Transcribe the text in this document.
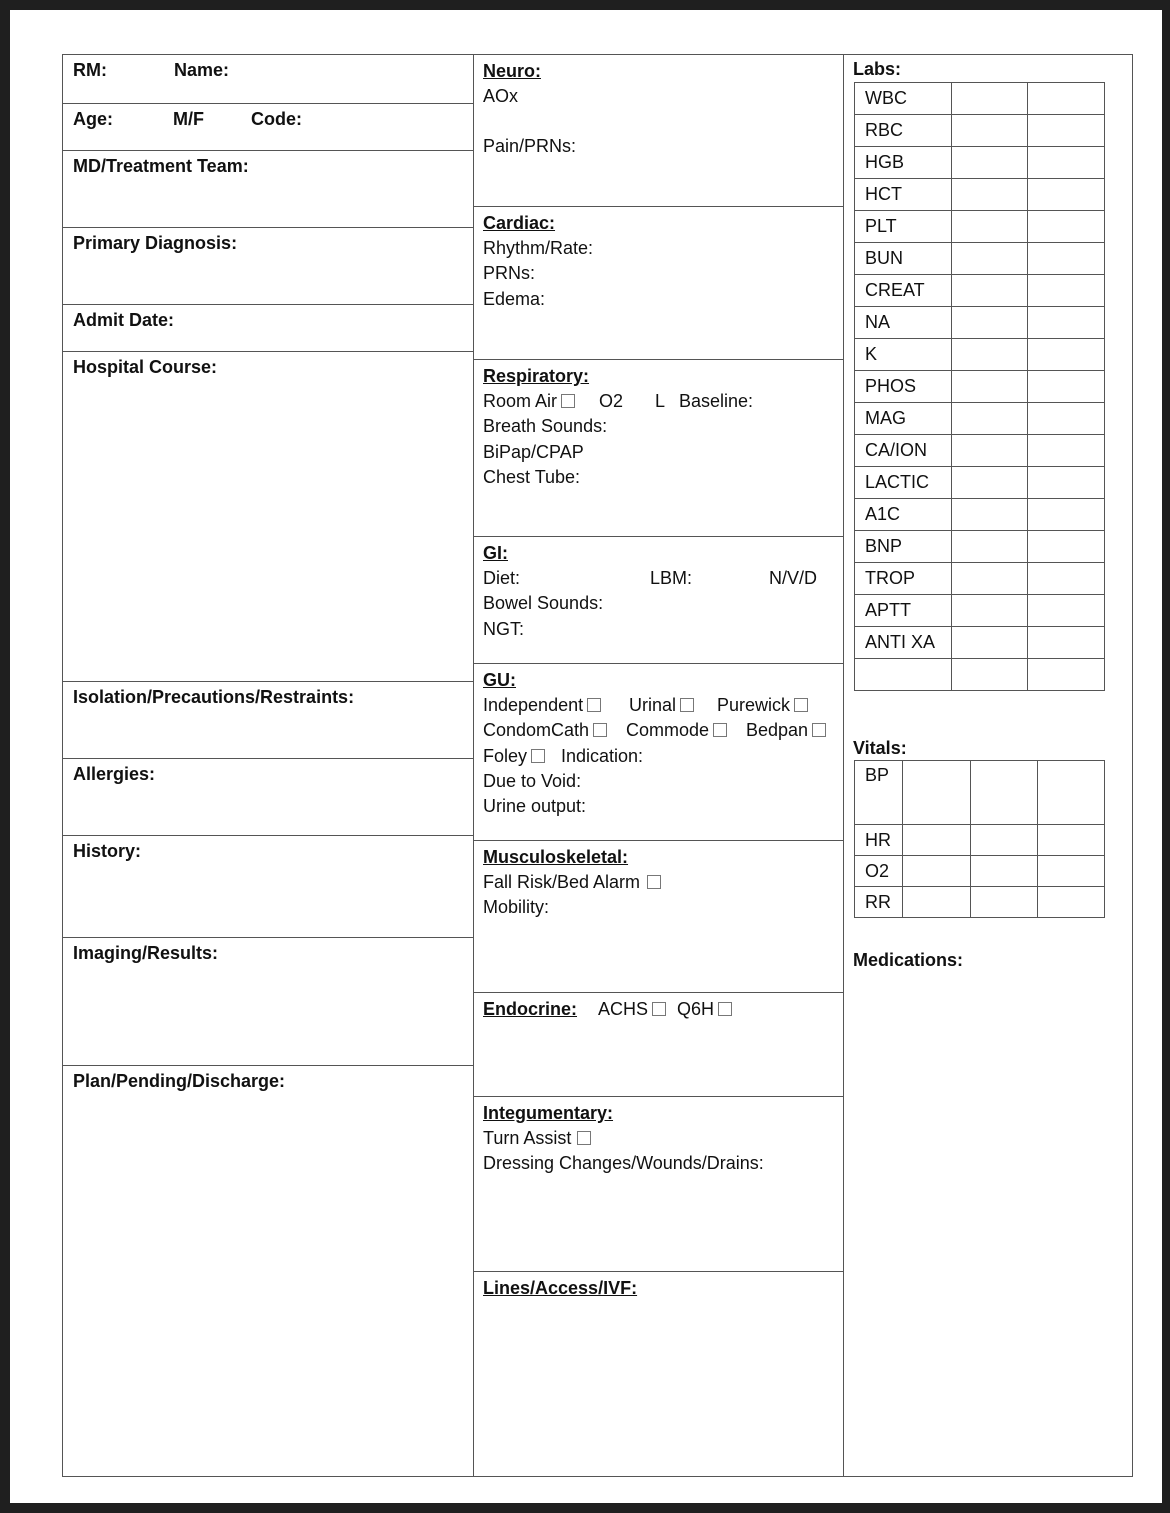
RM:	Name:
Age:	M/F	Code:
MD/Treatment Team:
Primary Diagnosis:
Admit Date:
Hospital Course:
Isolation/Precautions/Restraints:
Allergies:
History:
Imaging/Results:
Plan/Pending/Discharge:
Neuro:
AOx
Pain/PRNs:
Cardiac:
Rhythm/Rate:
PRNs:
Edema:
Respiratory:
Room Air O2 L Baseline:
Breath Sounds:
BiPap/CPAP
Chest Tube:
GI:
Diet:	LBM:	N/V/D
Bowel Sounds:
NGT:
GU:
Independent	Urinal	Purewick
CondomCath Commode	Bedpan
Foley Indication:
Due to Void:
Urine output:
Musculoskeletal:
Fall Risk/Bed Alarm
Mobility:
Endocrine: ACHS	Q6H
Integumentary:
Turn Assist
Dressing Changes/Wounds/Drains:
Lines/Access/IVF:
Labs:
WBC		
RBC		
HGB		
HCT		
PLT		
BUN		
CREAT		
NA		
K		
PHOS		
MAG		
CA/ION		
LACTIC		
A1C		
BNP		
TROP		
APTT		
ANTI XA		

Vitals:
BP			
HR			
O2			
RR			
Medications:
